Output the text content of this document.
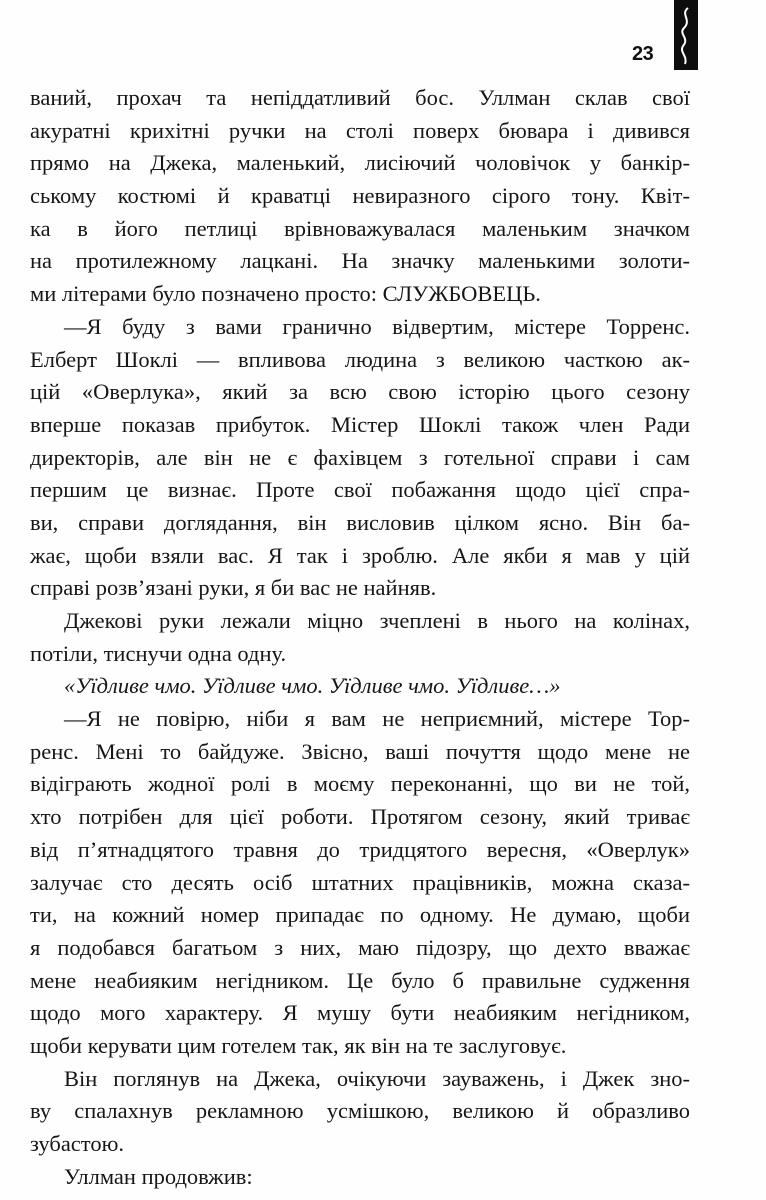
23
ваний, прохач та непіддатливий бос. Уллман склав свої
акуратні крихітні ручки на столі поверх бювара і дивився
прямо на Джека, маленький, лисіючий чоловічок у банкір-
ському костюмі й краватці невиразного сірого тону. Квіт-
ка в його петлиці врівноважувалася маленьким значком
на протилежному лацкані. На значку маленькими золоти-
ми літерами було позначено просто: СЛУЖБОВЕЦЬ.
—Я буду з вами гранично відвертим, містере Торренс.
Елберт Шоклі — впливова людина з великою часткою ак-
цій «Оверлука», який за всю свою історію цього сезону
вперше показав прибуток. Містер Шоклі також член Ради
директорів, але він не є фахівцем з готельної справи і сам
першим це визнає. Проте свої побажання щодо цієї спра-
ви, справи доглядання, він висловив цілком ясно. Він ба-
жає, щоби взяли вас. Я так і зроблю. Але якби я мав у цій
справі розв’язані руки, я би вас не найняв.
Джекові руки лежали міцно зчеплені в нього на колінах,
потіли, тиснучи одна одну.
«Уїдливе чмо. Уїдливе чмо. Уїдливе чмо. Уїдливе…»
—Я не повірю, ніби я вам не неприємний, містере Тор-
ренс. Мені то байдуже. Звісно, ваші почуття щодо мене не
відіграють жодної ролі в моєму переконанні, що ви не той,
хто потрібен для цієї роботи. Протягом сезону, який триває
від п’ятнадцятого травня до тридцятого вересня, «Оверлук»
залучає сто десять осіб штатних працівників, можна сказа-
ти, на кожний номер припадає по одному. Не думаю, щоби
я подобався багатьом з них, маю підозру, що дехто вважає
мене неабияким негідником. Це було б правильне судження
щодо мого характеру. Я мушу бути неабияким негідником,
щоби керувати цим готелем так, як він на те заслуговує.
Він поглянув на Джека, очікуючи зауважень, і Джек зно-
ву спалахнув рекламною усмішкою, великою й образливо
зубастою.
Уллман продовжив:
